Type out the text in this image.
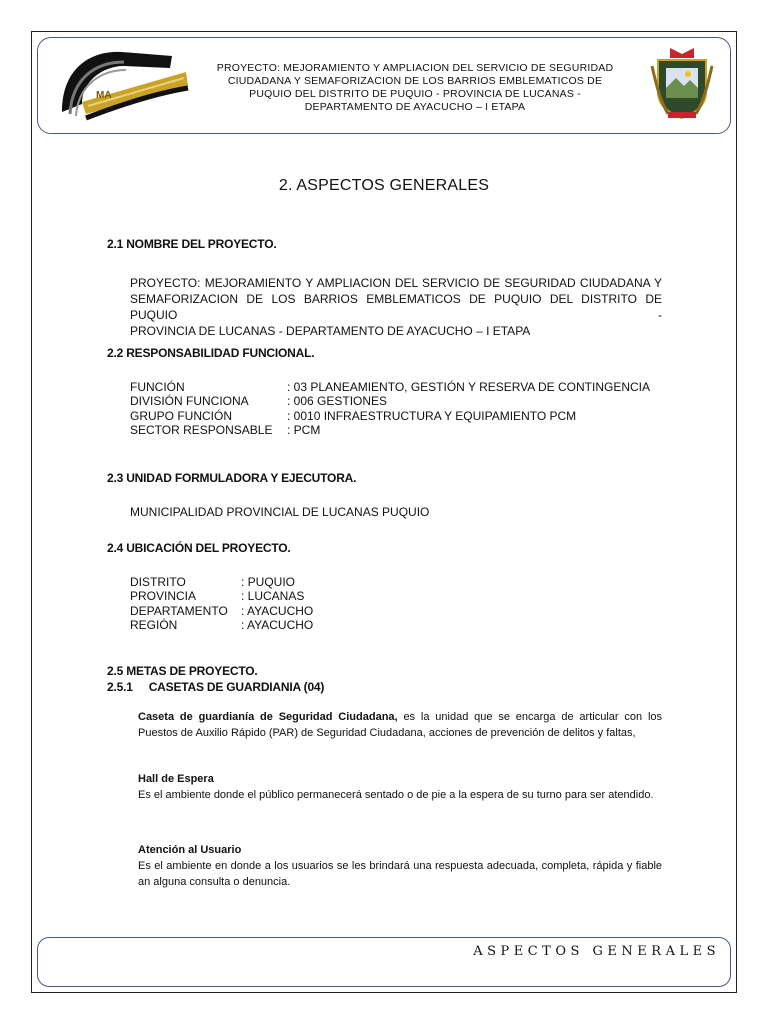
MA
PROYECTO: MEJORAMIENTO Y AMPLIACION DEL SERVICIO DE SEGURIDAD
CIUDADANA Y SEMAFORIZACION DE LOS BARRIOS EMBLEMATICOS DE
PUQUIO DEL DISTRITO DE PUQUIO - PROVINCIA DE LUCANAS -
DEPARTAMENTO DE AYACUCHO – I ETAPA
2. ASPECTOS GENERALES
2.1 NOMBRE DEL PROYECTO.
PROYECTO: MEJORAMIENTO Y AMPLIACION DEL SERVICIO DE SEGURIDAD CIUDADANA Y
SEMAFORIZACION DE LOS BARRIOS EMBLEMATICOS DE PUQUIO DEL DISTRITO DE PUQUIO -
PROVINCIA DE LUCANAS - DEPARTAMENTO DE AYACUCHO – I ETAPA
2.2 RESPONSABILIDAD FUNCIONAL.
FUNCIÓN	: 03 PLANEAMIENTO, GESTIÓN Y RESERVA DE CONTINGENCIA
DIVISIÓN FUNCIONA	: 006 GESTIONES
GRUPO FUNCIÓN	: 0010 INFRAESTRUCTURA Y EQUIPAMIENTO PCM
SECTOR RESPONSABLE	: PCM
2.3 UNIDAD FORMULADORA Y EJECUTORA.
MUNICIPALIDAD PROVINCIAL DE LUCANAS PUQUIO
2.4 UBICACIÓN DEL PROYECTO.
DISTRITO	: PUQUIO
PROVINCIA	: LUCANAS
DEPARTAMENTO	: AYACUCHO
REGIÓN	: AYACUCHO
2.5 METAS DE PROYECTO.
2.5.1 CASETAS DE GUARDIANIA (04)
Caseta de guardianía de Seguridad Ciudadana, es la unidad que se encarga de articular con los Puestos de Auxilio Rápido (PAR) de Seguridad Ciudadana, acciones de prevención de delitos y faltas,
Hall de Espera
Es el ambiente donde el público permanecerá sentado o de pie a la espera de su turno para ser atendido.
Atención al Usuario
Es el ambiente en donde a los usuarios se les brindará una respuesta adecuada, completa, rápida y fiable an alguna consulta o denuncia.
ASPECTOS GENERALES
